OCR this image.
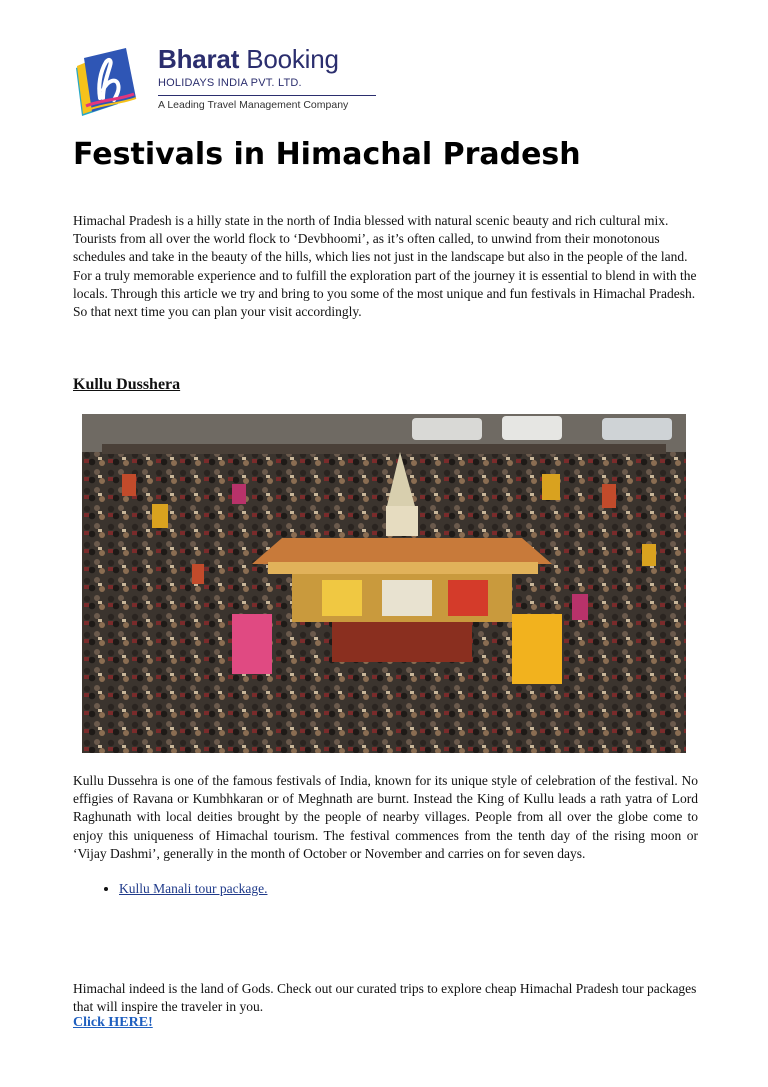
Bharat Booking
HOLIDAYS INDIA PVT. LTD.
A Leading Travel Management Company
Festivals in Himachal Pradesh

Himachal Pradesh is a hilly state in the north of India blessed with natural scenic beauty and rich cultural mix. Tourists from all over the world flock to ‘Devbhoomi’, as it’s often called, to unwind from their monotonous schedules and take in the beauty of the hills, which lies not just in the landscape but also in the people of the land. For a truly memorable experience and to fulfill the exploration part of the journey it is essential to blend in with the locals. Through this article we try and bring to you some of the most unique and fun festivals in Himachal Pradesh. So that next time you can plan your visit accordingly.

Kullu Dusshera

Kullu Dussehra is one of the famous festivals of India, known for its unique style of celebration of the festival. No effigies of Ravana or Kumbhkaran or of Meghnath are burnt. Instead the King of Kullu leads a rath yatra of Lord Raghunath with local deities brought by the people of nearby villages. People from all over the globe come to enjoy this uniqueness of Himachal tourism. The festival commences from the tenth day of the rising moon or ‘Vijay Dashmi’, generally in the month of October or November and carries on for seven days.

• Kullu Manali tour package.

Himachal indeed is the land of Gods. Check out our curated trips to explore cheap Himachal Pradesh tour packages that will inspire the traveler in you.

Click HERE!
